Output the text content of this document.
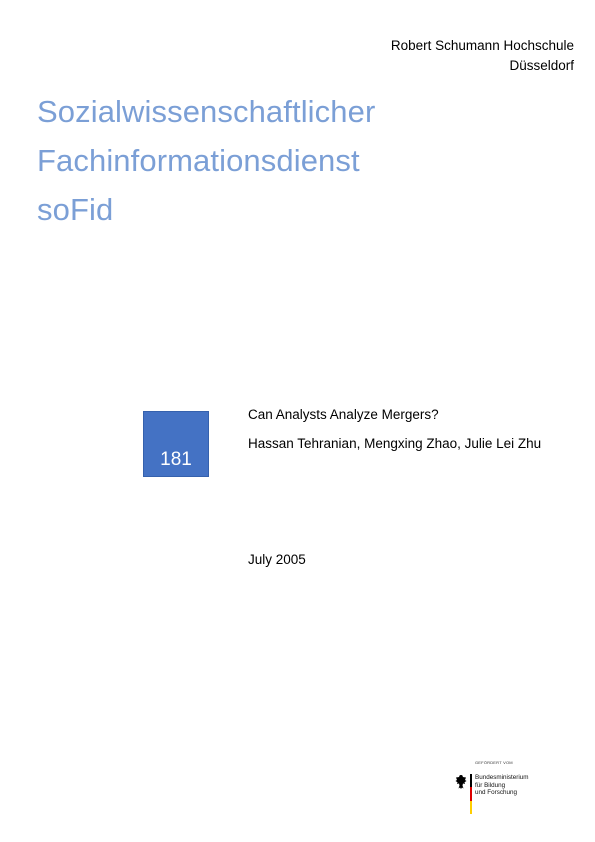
Robert Schumann Hochschule
Düsseldorf
Sozialwissenschaftlicher
Fachinformationsdienst
soFid
181
Can Analysts Analyze Mergers?
Hassan Tehranian, Mengxing Zhao, Julie Lei Zhu
July 2005
GEFÖRDERT VOM
Bundesministerium
für Bildung
und Forschung
